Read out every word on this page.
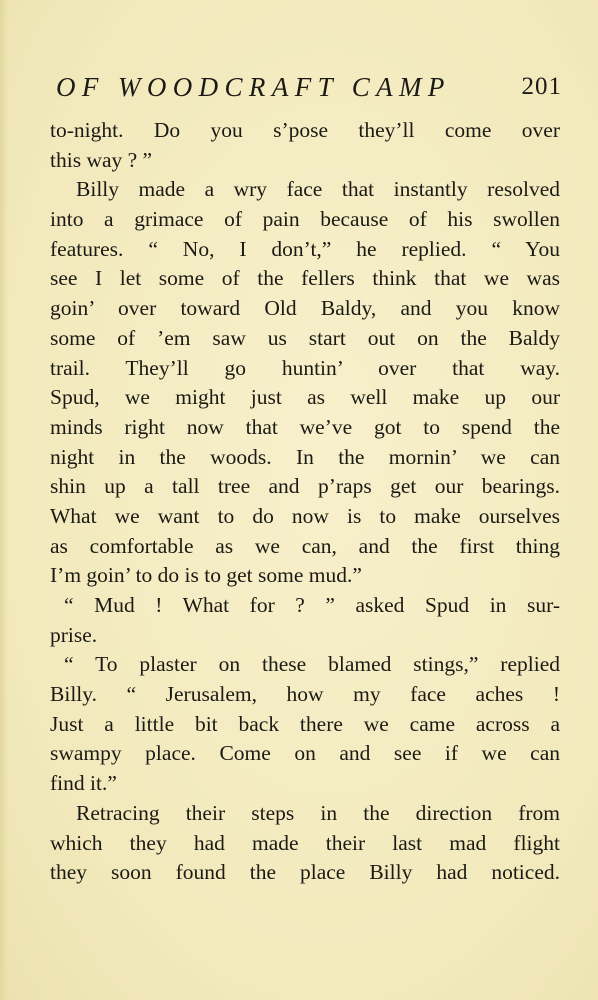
OF WOODCRAFT CAMP	201
to-night. Do you s’pose they’ll come over
this way ? ”
Billy made a wry face that instantly resolved
into a grimace of pain because of his swollen
features. “ No, I don’t,” he replied. “ You
see I let some of the fellers think that we was
goin’ over toward Old Baldy, and you know
some of ’em saw us start out on the Baldy
trail. They’ll go huntin’ over that way.
Spud, we might just as well make up our
minds right now that we’ve got to spend the
night in the woods. In the mornin’ we can
shin up a tall tree and p’raps get our bearings.
What we want to do now is to make ourselves
as comfortable as we can, and the first thing
I’m goin’ to do is to get some mud.”
“ Mud ! What for ? ” asked Spud in sur-
prise.
“ To plaster on these blamed stings,” replied
Billy. “ Jerusalem, how my face aches !
Just a little bit back there we came across a
swampy place. Come on and see if we can
find it.”
Retracing their steps in the direction from
which they had made their last mad flight
they soon found the place Billy had noticed.
